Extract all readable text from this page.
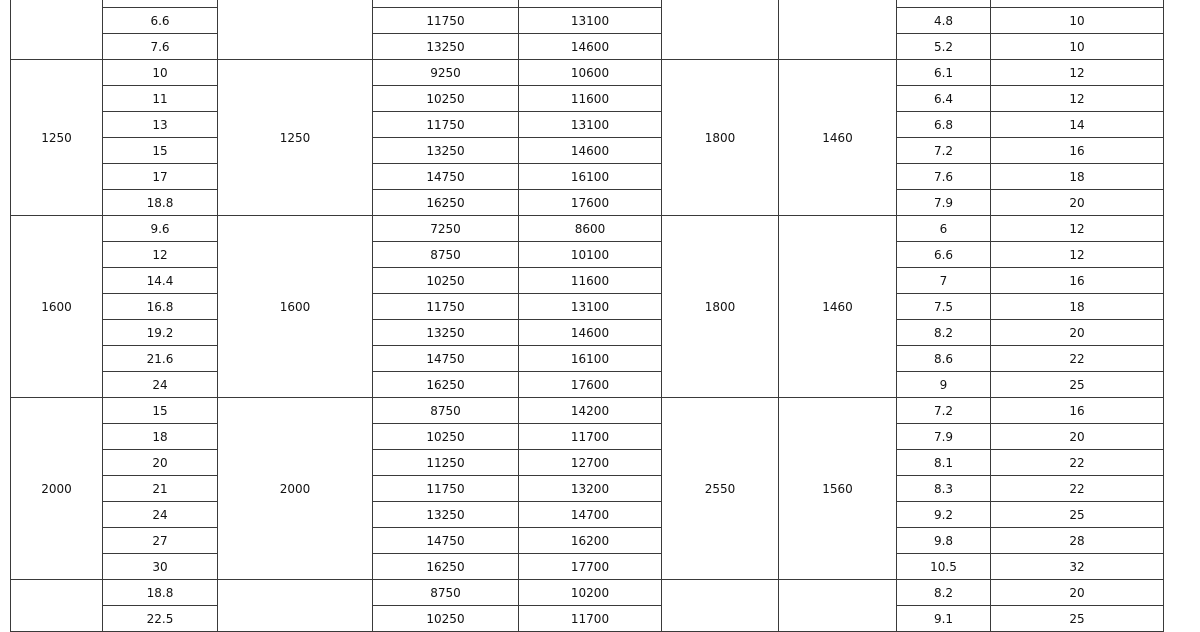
	6.6		11750	13100			4.8	10
	7.6		13250	14600			5.2	10
1250	10	1250	9250	10600	1800	1460	6.1	12
	11		10250	11600			6.4	12
	13		11750	13100			6.8	14
	15		13250	14600			7.2	16
	17		14750	16100			7.6	18
	18.8		16250	17600			7.9	20
1600	9.6	1600	7250	8600	1800	1460	6	12
	12		8750	10100			6.6	12
	14.4		10250	11600			7	16
	16.8		11750	13100			7.5	18
	19.2		13250	14600			8.2	20
	21.6		14750	16100			8.6	22
	24		16250	17600			9	25
2000	15	2000	8750	14200	2550	1560	7.2	16
	18		10250	11700			7.9	20
	20		11250	12700			8.1	22
	21		11750	13200			8.3	22
	24		13250	14700			9.2	25
	27		14750	16200			9.8	28
	30		16250	17700			10.5	32
	18.8		8750	10200			8.2	20
	22.5		10250	11700			9.1	25
